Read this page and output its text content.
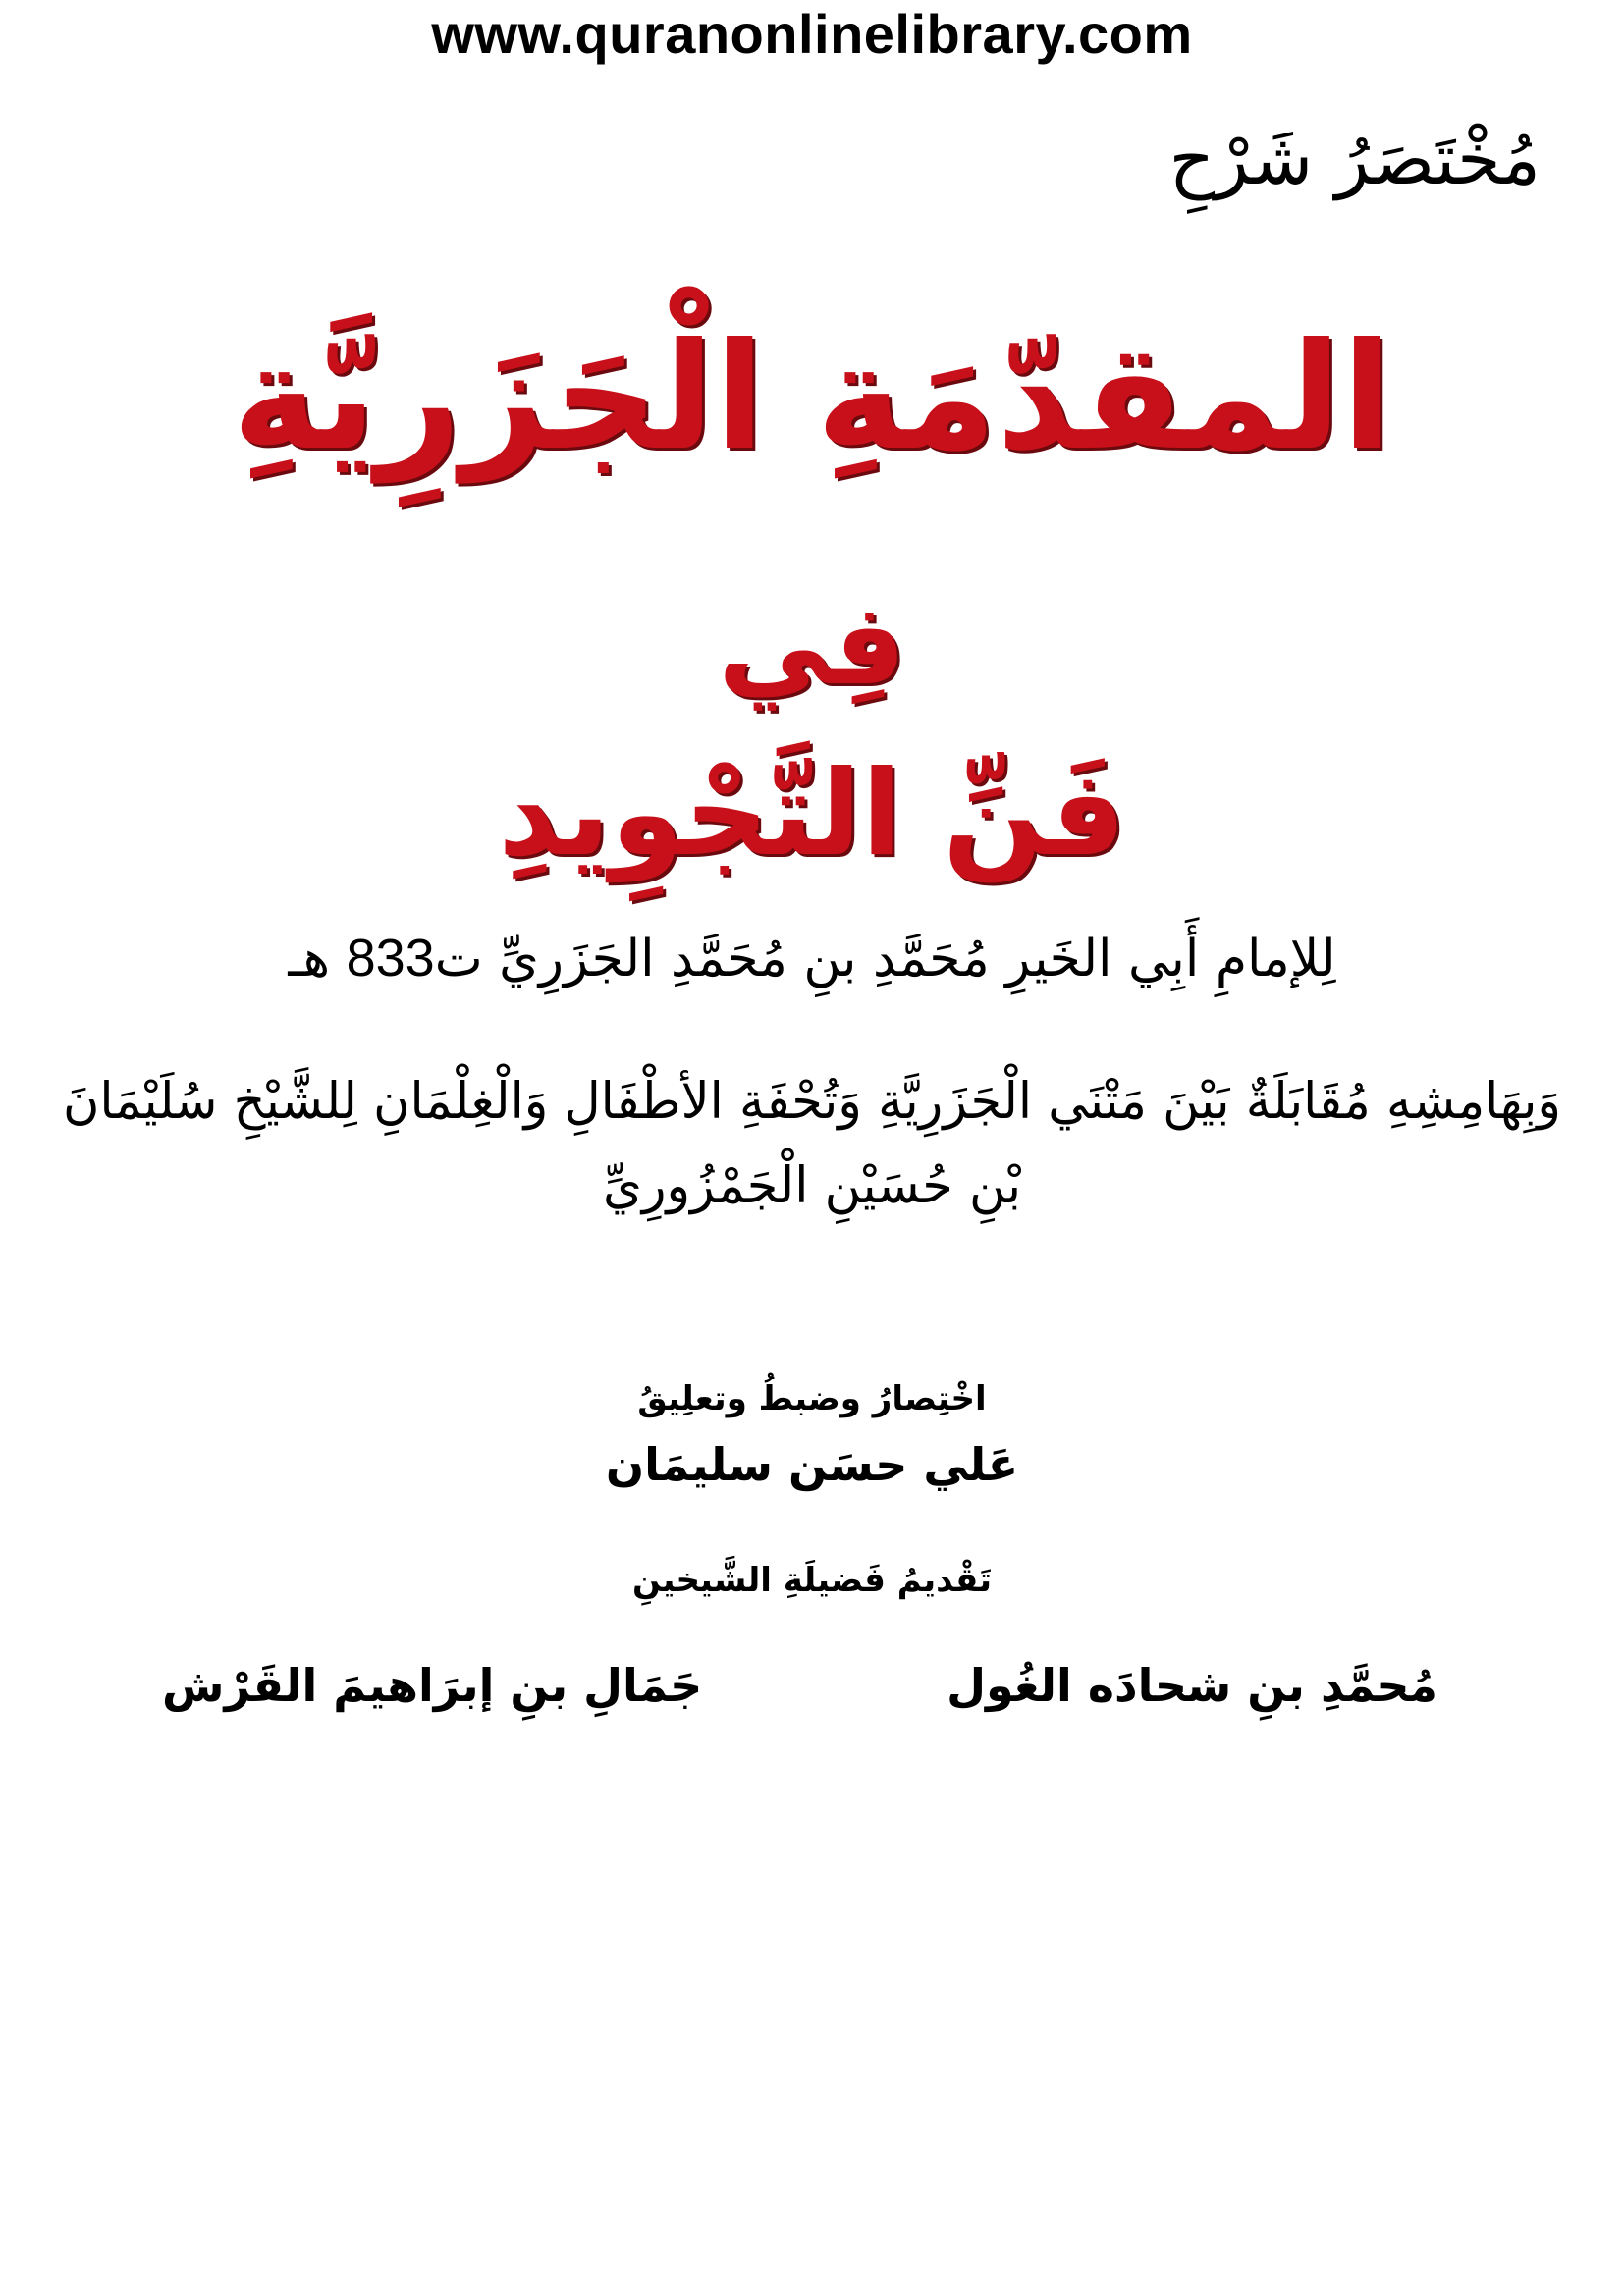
www.quranonlinelibrary.com
مُخْتَصَرُ شَرْحِ
المقدّمَةِ الْجَزَرِيَّةِ
فِي
فَنِّ التَّجْوِيدِ
لِلإمامِ أَبِي الخَيرِ مُحَمَّدِ بنِ مُحَمَّدِ الجَزَرِيِّ ت833 هـ
وَبِهَامِشِهِ مُقَابَلَةٌ بَيْنَ مَتْنَي الْجَزَرِيَّةِ وَتُحْفَةِ الأطْفَالِ وَالْغِلْمَانِ لِلشَّيْخِ سُلَيْمَانَ بْنِ حُسَيْنِ الْجَمْزُورِيِّ
اخْتِصارُ وضبطُ وتعلِيقُ
عَلي حسَن سليمَان
تَقْديمُ فَضيلَةِ الشَّيخينِ
مُحمَّدِ بنِ شحادَه الغُول
جَمَالِ بنِ إبرَاهيمَ القَرْش
